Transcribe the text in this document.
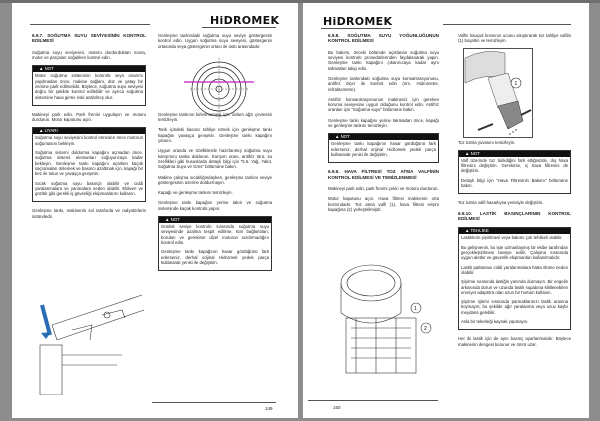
HiDROMEK
6.9.7. SOĞUTMA SUYU SEVİYESİNİN KONTROL EDİLMESİ

Soğutma suyu seviyesini, motoru durdurduktan sonra, motor ve parçaları soğukken kontrol edin.

▲ NOT

Motor soğutma sisteminin kontrolü veya onarımı yapılmadan önce, makine sağlam, düz ve yatay bir zemine park edilmelidir. Böylece, soğutma suyu seviyesi doğru bir şekilde kontrol edilebilir ve ayrıca soğutma sistemine hava girme riski azaltılmış olur.

Makineyi park edin. Park frenini uygulayın ve motoru durdurun. Motor kaputunu açın.

▲ UYARI

Soğutma suyu seviyesini kontrol etmeden önce motorun soğumasını bekleyin.

Soğutma sistemi doldurma kapağını açmadan önce, soğutma sistemi elemanları soğuyuncaya kadar bekleyin. Genleşme tankı kapağını açarken küçük saçramaları önlemek ve basıncı azaltmak için, kapağı bir bez ile tutun ve yavaşça gevşetin.

Sıcak soğutma suyu basınçlı olabilir ve ciddi yaralanmalara ve yanmalara neden olabilir. Eldiven ve gözlük gibi gerekli iş güvenliği ekipmanlarını kullanın.

Genleşme tankı, makinenin sol tarafında ve radyatörlerin üstündedir.

Genleşme tankındaki soğutma suyu seviye göstergesini kontrol edin. Uygun soğutma suyu seviyesi, göstergenin ortasında veya göstergenin ortası ile üstü arasındadır.

Genleşme tankının kirlenmemesi için, dolum ağzı çevresini temizleyin.

Tank içindeki basıncı tahliye etmek için genleşme tankı kapağını yavaşça gevşetin. Genleşme tankı kapağını çıkarın.

Uygun oranda ve özelliklerde hazırlanmış soğutma suyu karışımını tanka doldurun. Karışım oranı, antifriz türü, su özellikleri gibi hususlarda detaylı bilgi için "5.6. Yağ, Yakıt, Soğutma Suyu ve Gres" bölümüne bakın.

Makine çalışma sıcaklığındayken, genleşme tankını seviye göstergesinin üzerine doldurmayın.

Kapağı ve genleşme tankını temizleyin.

Genleşme tankı kapağını yerine takın ve soğutma sisteminde kaçak kontrolü yapın.

▲ NOT

Günlük seviye kontrolü sırasında soğutma suyu seviyesinde azalma tespit edilirse, tüm bağlantıları, boruları ve gerekirse dizel motorun sızdırmadığını kontrol edin.

Genleşme tankı kapağının hasar gördüğünü fark ederseniz, derhal orijinal Hidromek yedek parça kullanarak yenisi ile değiştirin.

149
HiDROMEK
6.9.8. SOĞUTMA SUYU YOĞUNLUĞUNUN KONTROL EDİLMESİ

Bu bakımı, önceki bölümde açıklanan soğutma suyu seviyesi kontrolü prosedürlerinden faydalanarak yapın. Genleşme tankı kapağını çıkarınıcaya kadar aynı talimatları takip edin.

Genleşme tankındaki soğutma suyu konsantrasyonunu, antifriz ölçer ile kontrol edin (örn. Hidrometre, refraktometre).

Antifriz konsantrasyonunun makineniz için gereken koruma seviyesine uygun olduğunu kontrol edin. Antifriz oranları için "Soğutma suyu" bölümüne bakın.

Genleşme tankı kapağını yerine takmadan önce, kapağı ve genleşme tankını temizleyin.

▲ NOT

Genleşme tankı kapağının hasar gördüğünü fark ederseniz, derhal orijinal Hidromek yedek parça kullanarak yenisi ile değiştirin.

6.9.9. HAVA FİLTRESİ TOZ ATMA VALFİNİN KONTROL EDİLMESİ VE TEMİZLENMESİ

Makineyi park edin, park frenini çekin ve motoru durdurun.

Motor kaputunu açın. Hava filtresi makinenin orta kısmındadır. Toz atma valfi (1), hava filtresi erişim kapağına (2) yerleştirilmiştir.

1
2

Valfin kauçuk kısmının ucunu sıkıştırarak toz tahliye valfini (1) boşaltın ve temizleyin.

Toz tutma yuvasını temizleyin.

▲ NOT

Valf üzerinde toz birikdiğini fark ettiğinizde, dış hava filtresini değiştirin. Gerekirse, iç hava filtresini de değiştirin.

Detaylı bilgi için "Hava Filtresinin Bakımı" bölümüne bakın.

Toz tutma valfi hasarlıysa yenisiyle değiştirin.

6.9.10. LASTİK BASINÇLARININ KONTROL EDİLMESİ
▲ TEHLİKE

Lastiklerin şişirilmesi veya bakımı çok tehlikeli olabilir.

Bu gelişmenin, bu işte uzmanlaşmış bir ekibe tarafından gerçekleştirilmesi tavsiye edilir. Çalışma sırasında uygun aletler ve güvenlik ekipmanları kullanılmalıdır.

Lastik patlaması ciddi yaralanmalara hatta ölüme neden olabilir.

Şişirme sırasında lastiğin yanında durmayın. Bir engelin arkasında durun ve uzunda lastik supabına kilitlenebilen emniyet adaptörü olan uzun bir hortum kullanın.

Şişirme işlemi sırasında parmaklarınızı lastik arasına koymayın; bu şekilde ağır yaralanma veya uzuv kaybı meydana gelebilir.

Asla bir tekerleği kaynak yapmayın.

Her iki lastik için de aynı basınç ayarlanmalıdır. Böylece makinenin dengesi korunur ve ömrü uzar.

1
150
